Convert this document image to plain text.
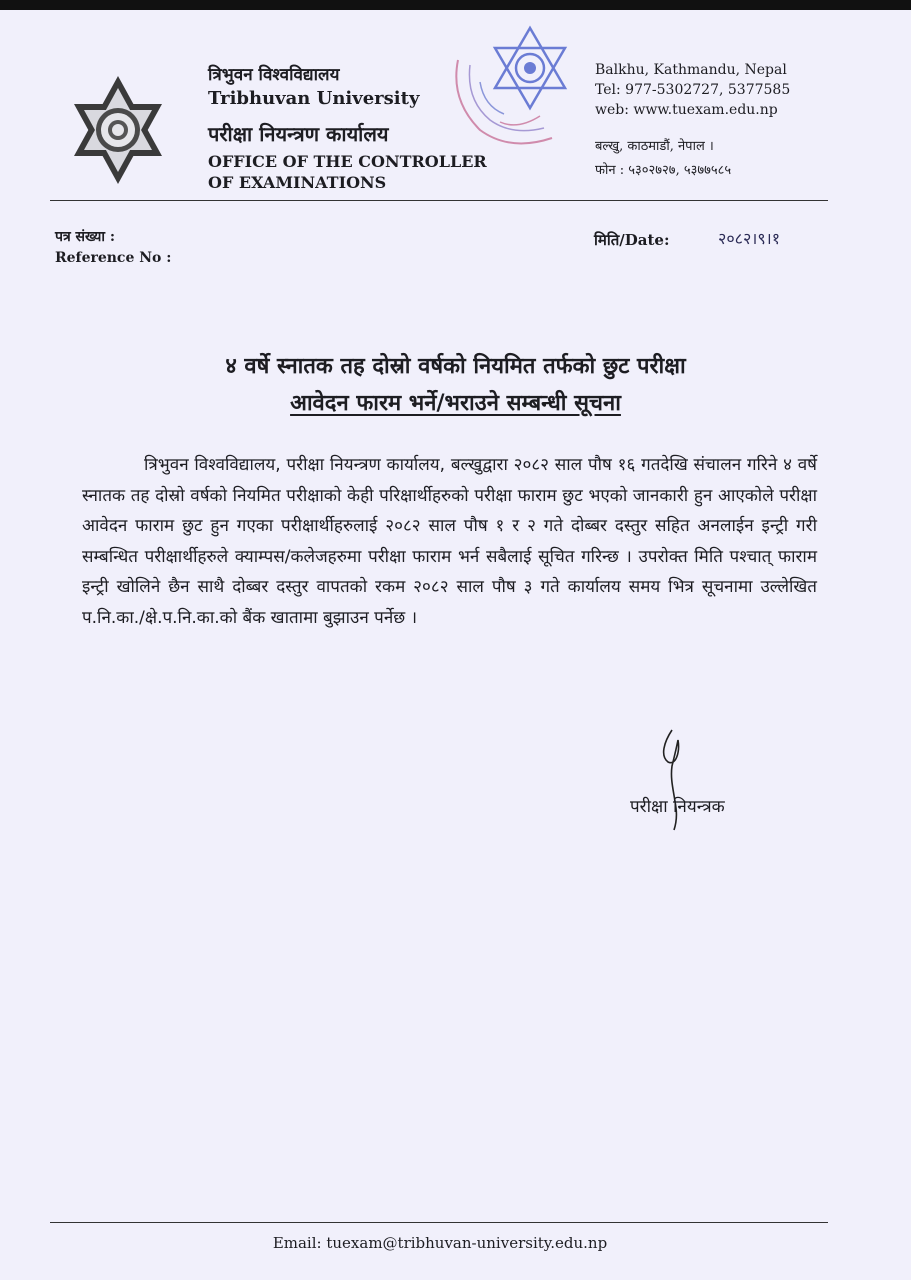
त्रिभुवन विश्वविद्यालय
Tribhuvan University
परीक्षा नियन्त्रण कार्यालय
OFFICE OF THE CONTROLLER
OF EXAMINATIONS
Balkhu, Kathmandu, Nepal
Tel: 977-5302727, 5377585
web: www.tuexam.edu.np
बल्खु, काठमाडौं, नेपाल ।
फोन : ५३०२७२७, ५३७७५८५
पत्र संख्या :
Reference No :
मिति/Date:	२०८२।९।१
४ वर्षे स्नातक तह दोस्रो वर्षको नियमित तर्फको छुट परीक्षा
आवेदन फारम भर्ने/भराउने सम्बन्धी सूचना
त्रिभुवन विश्वविद्यालय, परीक्षा नियन्त्रण कार्यालय, बल्खुद्वारा २०८२ साल पौष १६ गतदेखि संचालन गरिने ४ वर्षे स्नातक तह दोस्रो वर्षको नियमित परीक्षाको केही परिक्षार्थीहरुको परीक्षा फाराम छुट भएको जानकारी हुन आएकोले परीक्षा आवेदन फाराम छुट हुन गएका परीक्षार्थीहरुलाई २०८२ साल पौष १ र २ गते दोब्बर दस्तुर सहित अनलाईन इन्ट्री गरी सम्बन्धित परीक्षार्थीहरुले क्याम्पस/कलेजहरुमा परीक्षा फाराम भर्न सबैलाई सूचित गरिन्छ । उपरोक्त मिति पश्चात् फाराम इन्ट्री खोलिने छैन साथै दोब्बर दस्तुर वापतको रकम २०८२ साल पौष ३ गते कार्यालय समय भित्र सूचनामा उल्लेखित प.नि.का./क्षे.प.नि.का.को बैंक खातामा बुझाउन पर्नेछ ।
परीक्षा नियन्त्रक
Email: tuexam@tribhuvan-university.edu.np
